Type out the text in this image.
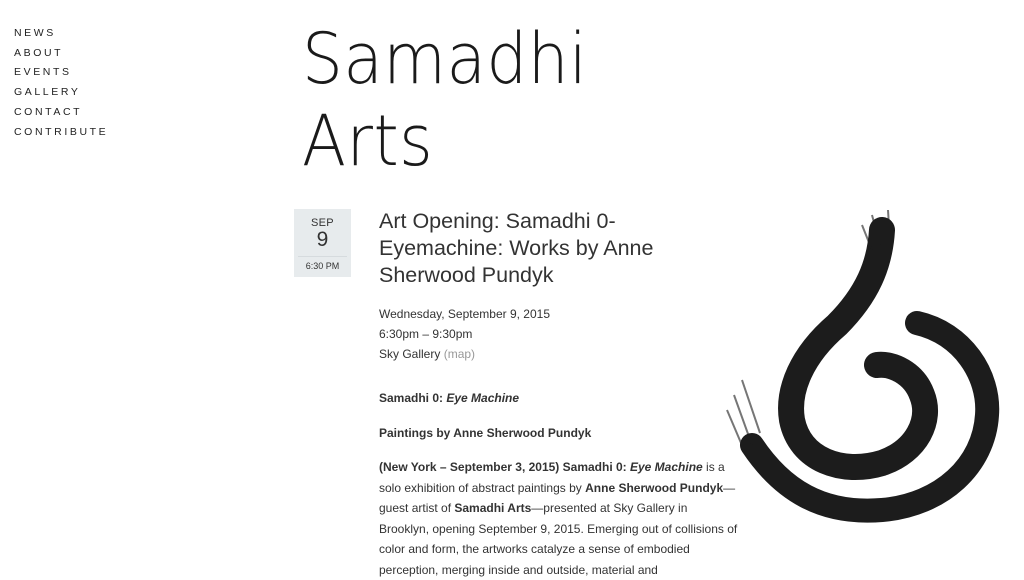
NEWS
ABOUT
EVENTS
GALLERY
CONTACT
CONTRIBUTE
Samadhi Arts
SEP
9
6:30 PM
Art Opening: Samadhi 0-Eyemachine: Works by Anne Sherwood Pundyk
Wednesday, September 9, 2015
6:30pm – 9:30pm
Sky Gallery (map)

Samadhi 0: Eye Machine

Paintings by Anne Sherwood Pundyk

(New York – September 3, 2015) Samadhi 0: Eye Machine is a solo exhibition of abstract paintings by Anne Sherwood Pundyk—guest artist of Samadhi Arts—presented at Sky Gallery in Brooklyn, opening September 9, 2015. Emerging out of collisions of color and form, the artworks catalyze a sense of embodied perception, merging inside and outside, material and
